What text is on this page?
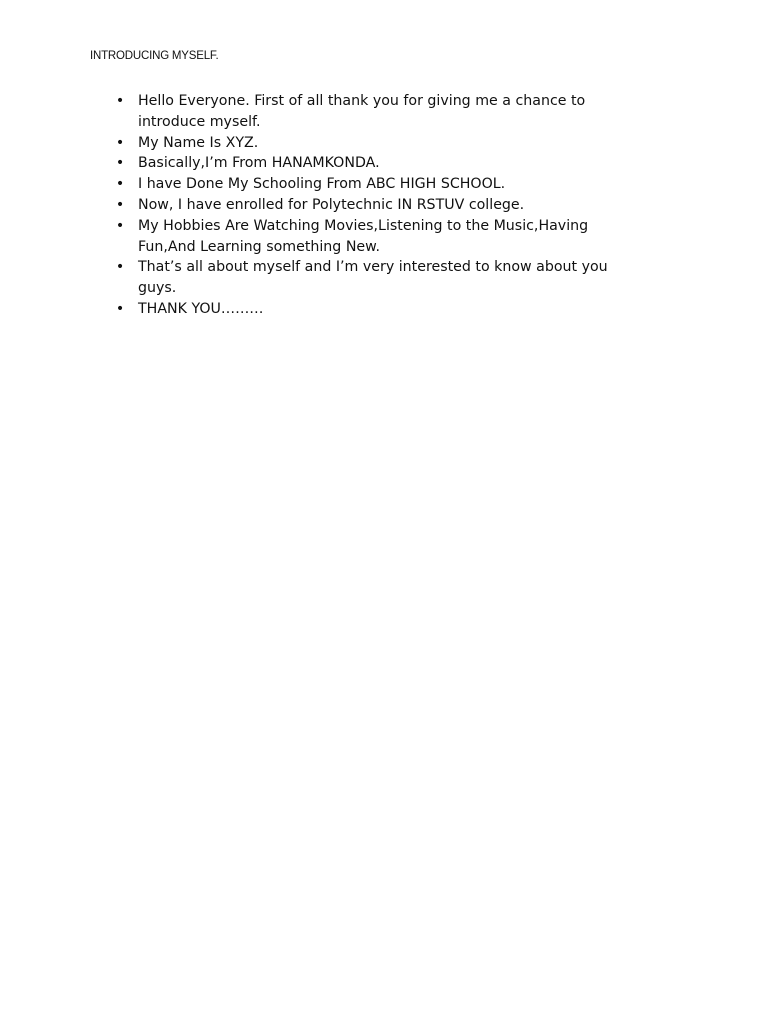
INTRODUCING MYSELF.
• Hello Everyone. First of all thank you for giving me a chance to introduce myself.
• My Name Is XYZ.
• Basically,I’m From HANAMKONDA.
• I have Done My Schooling From ABC HIGH SCHOOL.
• Now, I have enrolled for Polytechnic IN RSTUV college.
• My Hobbies Are Watching Movies,Listening to the Music,Having Fun,And Learning something New.
• That’s all about myself and I’m very interested to know about you guys.
• THANK YOU………
